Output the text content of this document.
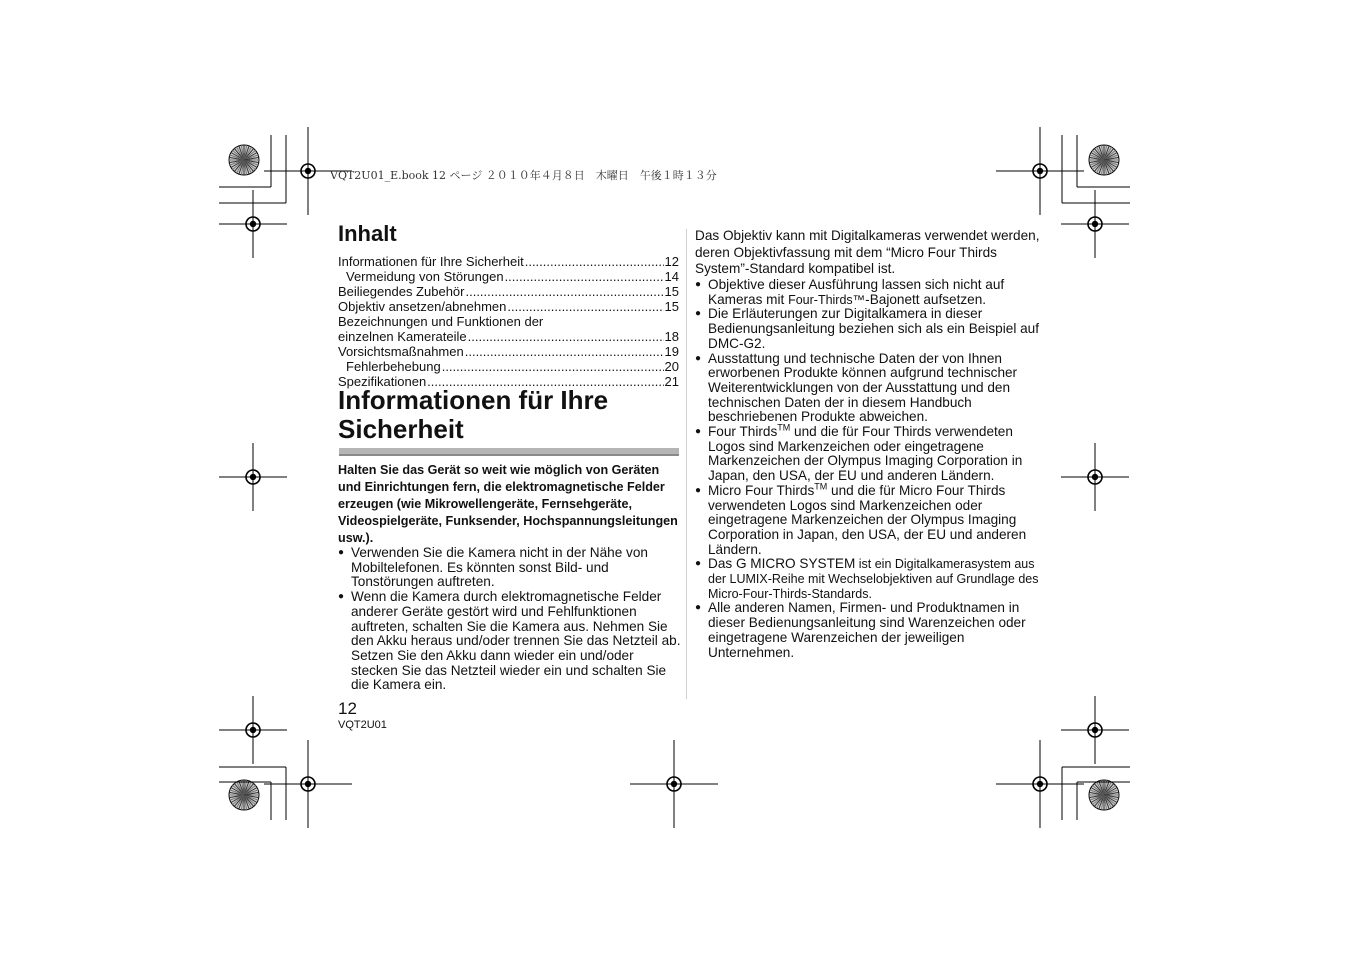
VQT2U01_E.book 12 ページ ２０１０年４月８日　木曜日　午後１時１３分
Inhalt
Informationen für Ihre Sicherheit .....	12
Vermeidung von Störungen .....	14
Beiliegendes Zubehör .....	15
Objektiv ansetzen/abnehmen .....	15
Bezeichnungen und Funktionen der
einzelnen Kamerateile .....	18
Vorsichtsmaßnahmen .....	19
Fehlerbehebung .....	20
Spezifikationen .....	21
Informationen für Ihre
Sicherheit
Halten Sie das Gerät so weit wie möglich von Geräten und Einrichtungen fern, die elektromagnetische Felder erzeugen (wie Mikrowellengeräte, Fernsehgeräte, Videospielgeräte, Funksender, Hochspannungsleitungen usw.).
● Verwenden Sie die Kamera nicht in der Nähe von Mobiltelefonen. Es könnten sonst Bild- und Tonstörungen auftreten.
● Wenn die Kamera durch elektromagnetische Felder anderer Geräte gestört wird und Fehlfunktionen auftreten, schalten Sie die Kamera aus. Nehmen Sie den Akku heraus und/oder trennen Sie das Netzteil ab. Setzen Sie den Akku dann wieder ein und/oder stecken Sie das Netzteil wieder ein und schalten Sie die Kamera ein.
Das Objektiv kann mit Digitalkameras verwendet werden, deren Objektivfassung mit dem “Micro Four Thirds System”-Standard kompatibel ist.
● Objektive dieser Ausführung lassen sich nicht auf Kameras mit Four-Thirds™-Bajonett aufsetzen.
● Die Erläuterungen zur Digitalkamera in dieser Bedienungsanleitung beziehen sich als ein Beispiel auf DMC-G2.
● Ausstattung und technische Daten der von Ihnen erworbenen Produkte können aufgrund technischer Weiterentwicklungen von der Ausstattung und den technischen Daten der in diesem Handbuch beschriebenen Produkte abweichen.
● Four Thirds™ und die für Four Thirds verwendeten Logos sind Markenzeichen oder eingetragene Markenzeichen der Olympus Imaging Corporation in Japan, den USA, der EU und anderen Ländern.
● Micro Four Thirds™ und die für Micro Four Thirds verwendeten Logos sind Markenzeichen oder eingetragene Markenzeichen der Olympus Imaging Corporation in Japan, den USA, der EU und anderen Ländern.
● Das G MICRO SYSTEM ist ein Digitalkamerasystem aus der LUMIX-Reihe mit Wechselobjektiven auf Grundlage des Micro-Four-Thirds-Standards.
● Alle anderen Namen, Firmen- und Produktnamen in dieser Bedienungsanleitung sind Warenzeichen oder eingetragene Warenzeichen der jeweiligen Unternehmen.
12
VQT2U01
